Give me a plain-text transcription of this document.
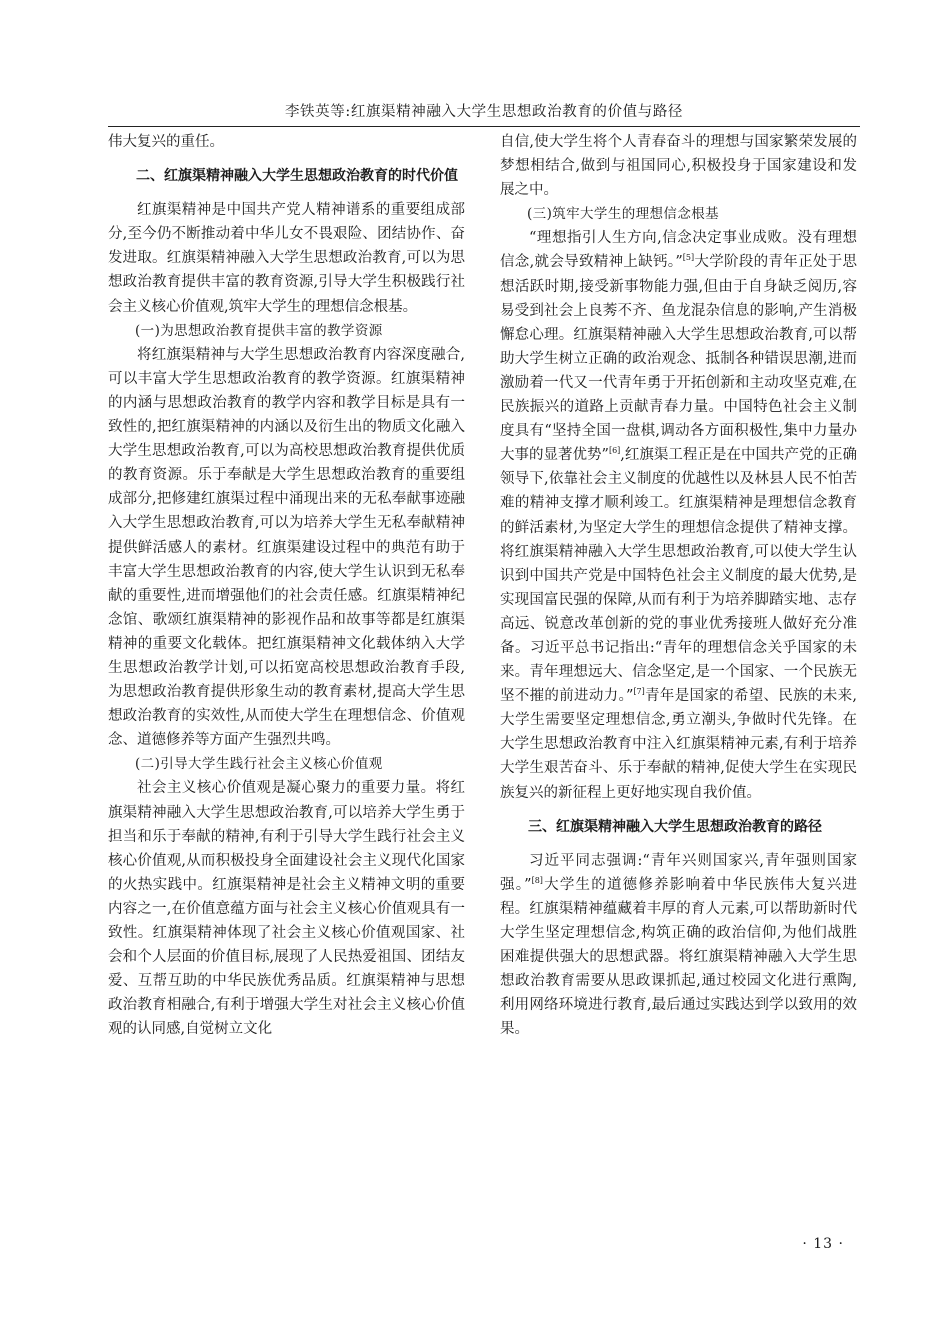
李铁英等:红旗渠精神融入大学生思想政治教育的价值与路径

伟大复兴的重任。

二、红旗渠精神融入大学生思想政治教育的时代价值

红旗渠精神是中国共产党人精神谱系的重要组成部分,至今仍不断推动着中华儿女不畏艰险、团结协作、奋发进取。红旗渠精神融入大学生思想政治教育,可以为思想政治教育提供丰富的教育资源,引导大学生积极践行社会主义核心价值观,筑牢大学生的理想信念根基。

(一)为思想政治教育提供丰富的教学资源

将红旗渠精神与大学生思想政治教育内容深度融合,可以丰富大学生思想政治教育的教学资源。红旗渠精神的内涵与思想政治教育的教学内容和教学目标是具有一致性的,把红旗渠精神的内涵以及衍生出的物质文化融入大学生思想政治教育,可以为高校思想政治教育提供优质的教育资源。乐于奉献是大学生思想政治教育的重要组成部分,把修建红旗渠过程中涌现出来的无私奉献事迹融入大学生思想政治教育,可以为培养大学生无私奉献精神提供鲜活感人的素材。红旗渠建设过程中的典范有助于丰富大学生思想政治教育的内容,使大学生认识到无私奉献的重要性,进而增强他们的社会责任感。红旗渠精神纪念馆、歌颂红旗渠精神的影视作品和故事等都是红旗渠精神的重要文化载体。把红旗渠精神文化载体纳入大学生思想政治教学计划,可以拓宽高校思想政治教育手段,为思想政治教育提供形象生动的教育素材,提高大学生思想政治教育的实效性,从而使大学生在理想信念、价值观念、道德修养等方面产生强烈共鸣。

(二)引导大学生践行社会主义核心价值观

社会主义核心价值观是凝心聚力的重要力量。将红旗渠精神融入大学生思想政治教育,可以培养大学生勇于担当和乐于奉献的精神,有利于引导大学生践行社会主义核心价值观,从而积极投身全面建设社会主义现代化国家的火热实践中。红旗渠精神是社会主义精神文明的重要内容之一,在价值意蕴方面与社会主义核心价值观具有一致性。红旗渠精神体现了社会主义核心价值观国家、社会和个人层面的价值目标,展现了人民热爱祖国、团结友爱、互帮互助的中华民族优秀品质。红旗渠精神与思想政治教育相融合,有利于增强大学生对社会主义核心价值观的认同感,自觉树立文化

自信,使大学生将个人青春奋斗的理想与国家繁荣发展的梦想相结合,做到与祖国同心,积极投身于国家建设和发展之中。

(三)筑牢大学生的理想信念根基

“理想指引人生方向,信念决定事业成败。没有理想信念,就会导致精神上缺钙。”[5]大学阶段的青年正处于思想活跃时期,接受新事物能力强,但由于自身缺乏阅历,容易受到社会上良莠不齐、鱼龙混杂信息的影响,产生消极懈怠心理。红旗渠精神融入大学生思想政治教育,可以帮助大学生树立正确的政治观念、抵制各种错误思潮,进而激励着一代又一代青年勇于开拓创新和主动攻坚克难,在民族振兴的道路上贡献青春力量。中国特色社会主义制度具有“坚持全国一盘棋,调动各方面积极性,集中力量办大事的显著优势”[6],红旗渠工程正是在中国共产党的正确领导下,依靠社会主义制度的优越性以及林县人民不怕苦难的精神支撑才顺利竣工。红旗渠精神是理想信念教育的鲜活素材,为坚定大学生的理想信念提供了精神支撑。将红旗渠精神融入大学生思想政治教育,可以使大学生认识到中国共产党是中国特色社会主义制度的最大优势,是实现国富民强的保障,从而有利于为培养脚踏实地、志存高远、锐意改革创新的党的事业优秀接班人做好充分准备。习近平总书记指出:“青年的理想信念关乎国家的未来。青年理想远大、信念坚定,是一个国家、一个民族无坚不摧的前进动力。”[7]青年是国家的希望、民族的未来,大学生需要坚定理想信念,勇立潮头,争做时代先锋。在大学生思想政治教育中注入红旗渠精神元素,有利于培养大学生艰苦奋斗、乐于奉献的精神,促使大学生在实现民族复兴的新征程上更好地实现自我价值。

三、红旗渠精神融入大学生思想政治教育的路径

习近平同志强调:“青年兴则国家兴,青年强则国家强。”[8]大学生的道德修养影响着中华民族伟大复兴进程。红旗渠精神蕴藏着丰厚的育人元素,可以帮助新时代大学生坚定理想信念,构筑正确的政治信仰,为他们战胜困难提供强大的思想武器。将红旗渠精神融入大学生思想政治教育需要从思政课抓起,通过校园文化进行熏陶,利用网络环境进行教育,最后通过实践达到学以致用的效果。

· 13 ·
